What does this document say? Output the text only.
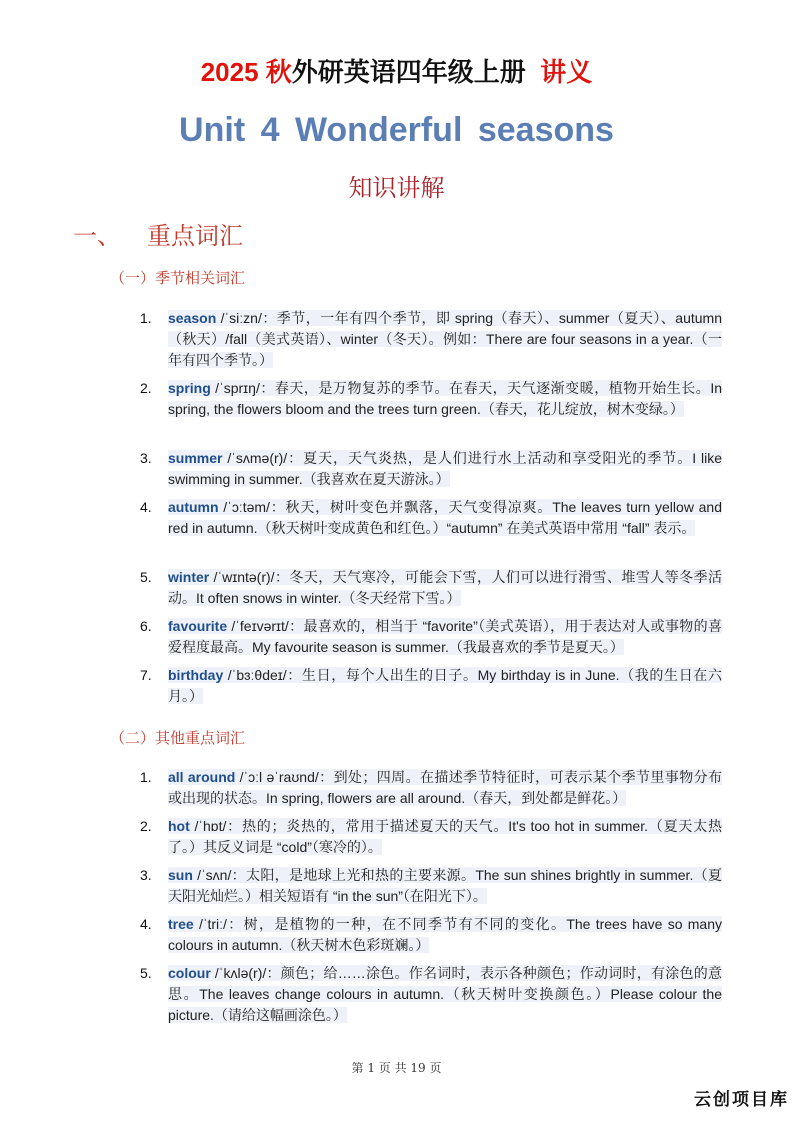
2025 秋外研英语四年级上册 讲义
Unit 4 Wonderful seasons
知识讲解
一、 重点词汇
（一）季节相关词汇
1.	season /ˈsiːzn/：季节，一年有四个季节，即 spring（春天）、summer（夏天）、autumn（秋天）/fall（美式英语）、winter（冬天）。例如：There are four seasons in a year.（一年有四个季节。）
2.	spring /ˈsprɪŋ/：春天，是万物复苏的季节。在春天，天气逐渐变暖，植物开始生长。In spring, the flowers bloom and the trees turn green.（春天，花儿绽放，树木变绿。）
3.	summer /ˈsʌmə(r)/：夏天，天气炎热，是人们进行水上活动和享受阳光的季节。I like swimming in summer.（我喜欢在夏天游泳。）
4.	autumn /ˈɔːtəm/：秋天，树叶变色并飘落，天气变得凉爽。The leaves turn yellow and red in autumn.（秋天树叶变成黄色和红色。）“autumn” 在美式英语中常用 “fall” 表示。
5.	winter /ˈwɪntə(r)/：冬天，天气寒冷，可能会下雪，人们可以进行滑雪、堆雪人等冬季活动。It often snows in winter.（冬天经常下雪。）
6.	favourite /ˈfeɪvərɪt/：最喜欢的，相当于 “favorite”（美式英语），用于表达对人或事物的喜爱程度最高。My favourite season is summer.（我最喜欢的季节是夏天。）
7.	birthday /ˈbɜːθdeɪ/：生日，每个人出生的日子。My birthday is in June.（我的生日在六月。）
（二）其他重点词汇
1.	all around /ˈɔːl əˈraʊnd/：到处；四周。在描述季节特征时，可表示某个季节里事物分布或出现的状态。In spring, flowers are all around.（春天，到处都是鲜花。）
2.	hot /ˈhɒt/：热的；炎热的，常用于描述夏天的天气。It's too hot in summer.（夏天太热了。）其反义词是 “cold”（寒冷的）。
3.	sun /ˈsʌn/：太阳，是地球上光和热的主要来源。The sun shines brightly in summer.（夏天阳光灿烂。）相关短语有 “in the sun”（在阳光下）。
4.	tree /ˈtriː/：树，是植物的一种，在不同季节有不同的变化。The trees have so many colours in autumn.（秋天树木色彩斑斓。）
5.	colour /ˈkʌlə(r)/：颜色；给……涂色。作名词时，表示各种颜色；作动词时，有涂色的意思。The leaves change colours in autumn.（秋天树叶变换颜色。）Please colour the picture.（请给这幅画涂色。）
第 1 页 共 19 页
云创项目库
